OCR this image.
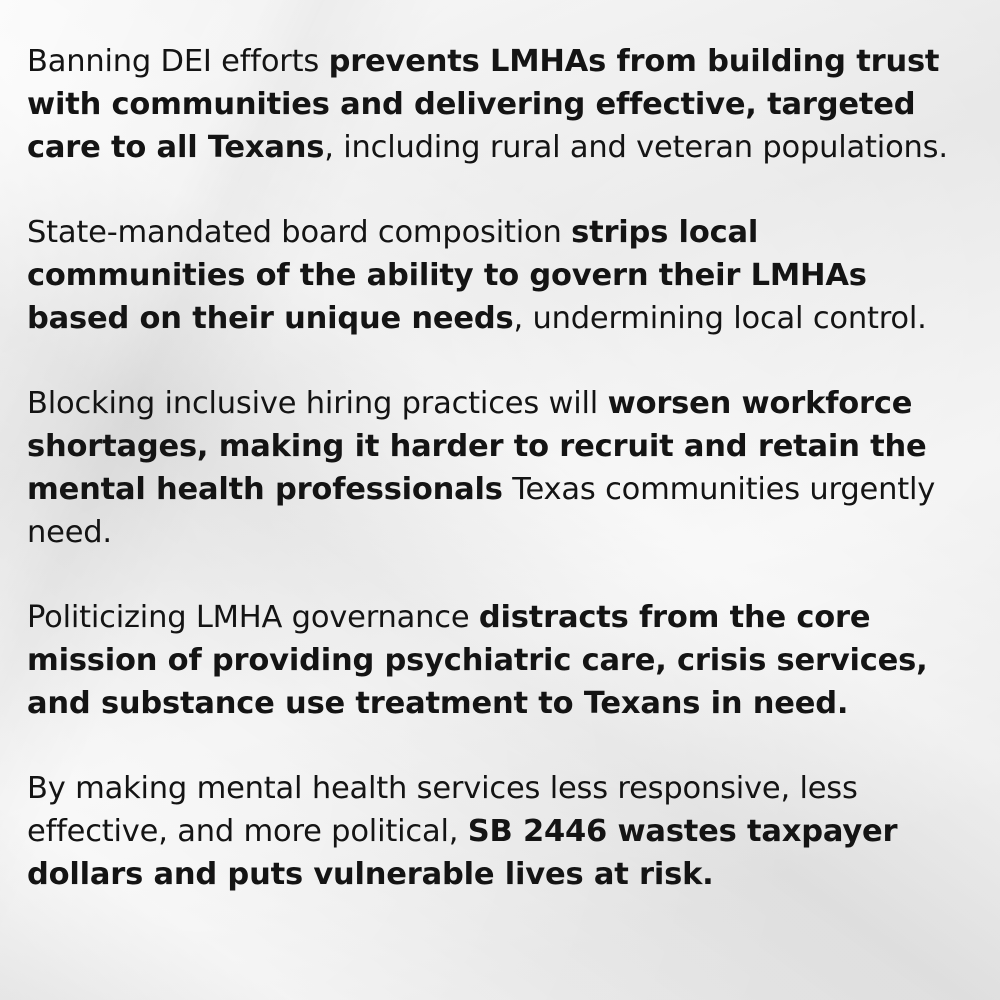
Banning DEI efforts prevents LMHAs from building trust with communities and delivering effective, targeted care to all Texans, including rural and veteran populations.

State-mandated board composition strips local communities of the ability to govern their LMHAs based on their unique needs, undermining local control.

Blocking inclusive hiring practices will worsen workforce shortages, making it harder to recruit and retain the mental health professionals Texas communities urgently need.

Politicizing LMHA governance distracts from the core mission of providing psychiatric care, crisis services, and substance use treatment to Texans in need.

By making mental health services less responsive, less effective, and more political, SB 2446 wastes taxpayer dollars and puts vulnerable lives at risk.
